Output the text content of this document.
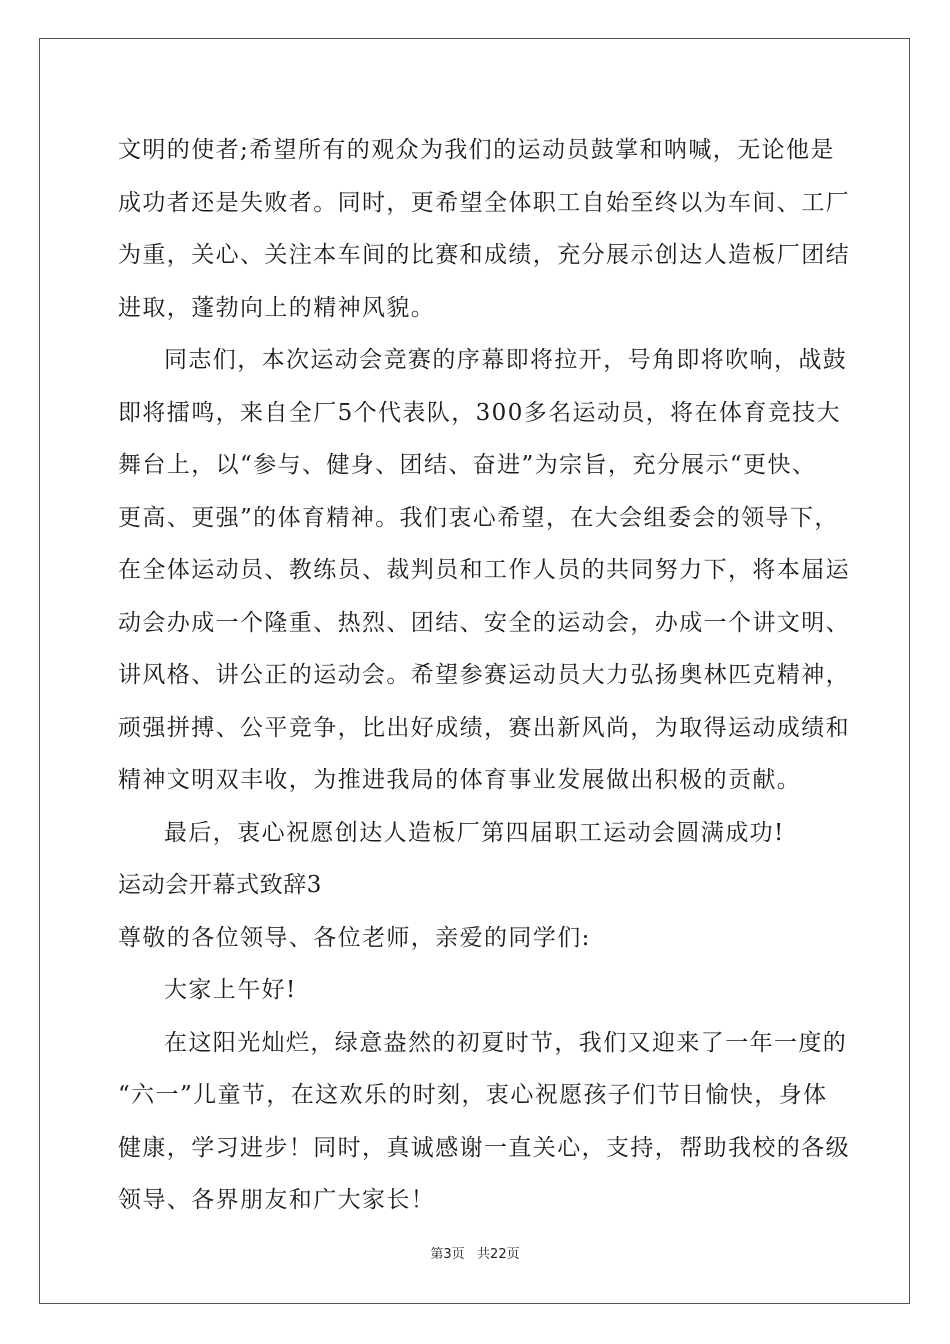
文明的使者;希望所有的观众为我们的运动员鼓掌和呐喊，无论他是
成功者还是失败者。同时，更希望全体职工自始至终以为车间、工厂
为重，关心、关注本车间的比赛和成绩，充分展示创达人造板厂团结
进取，蓬勃向上的精神风貌。
同志们，本次运动会竞赛的序幕即将拉开，号角即将吹响，战鼓
即将擂鸣，来自全厂5个代表队，300多名运动员，将在体育竞技大
舞台上，以“参与、健身、团结、奋进”为宗旨，充分展示“更快、
更高、更强”的体育精神。我们衷心希望，在大会组委会的领导下，
在全体运动员、教练员、裁判员和工作人员的共同努力下，将本届运
动会办成一个隆重、热烈、团结、安全的运动会，办成一个讲文明、
讲风格、讲公正的运动会。希望参赛运动员大力弘扬奥林匹克精神，
顽强拼搏、公平竞争，比出好成绩，赛出新风尚，为取得运动成绩和
精神文明双丰收，为推进我局的体育事业发展做出积极的贡献。
最后，衷心祝愿创达人造板厂第四届职工运动会圆满成功!
运动会开幕式致辞3
尊敬的各位领导、各位老师，亲爱的同学们:
大家上午好!
在这阳光灿烂，绿意盎然的初夏时节，我们又迎来了一年一度的
“六一”儿童节，在这欢乐的时刻，衷心祝愿孩子们节日愉快，身体
健康，学习进步！同时，真诚感谢一直关心，支持，帮助我校的各级
领导、各界朋友和广大家长！
第3页   共22页
